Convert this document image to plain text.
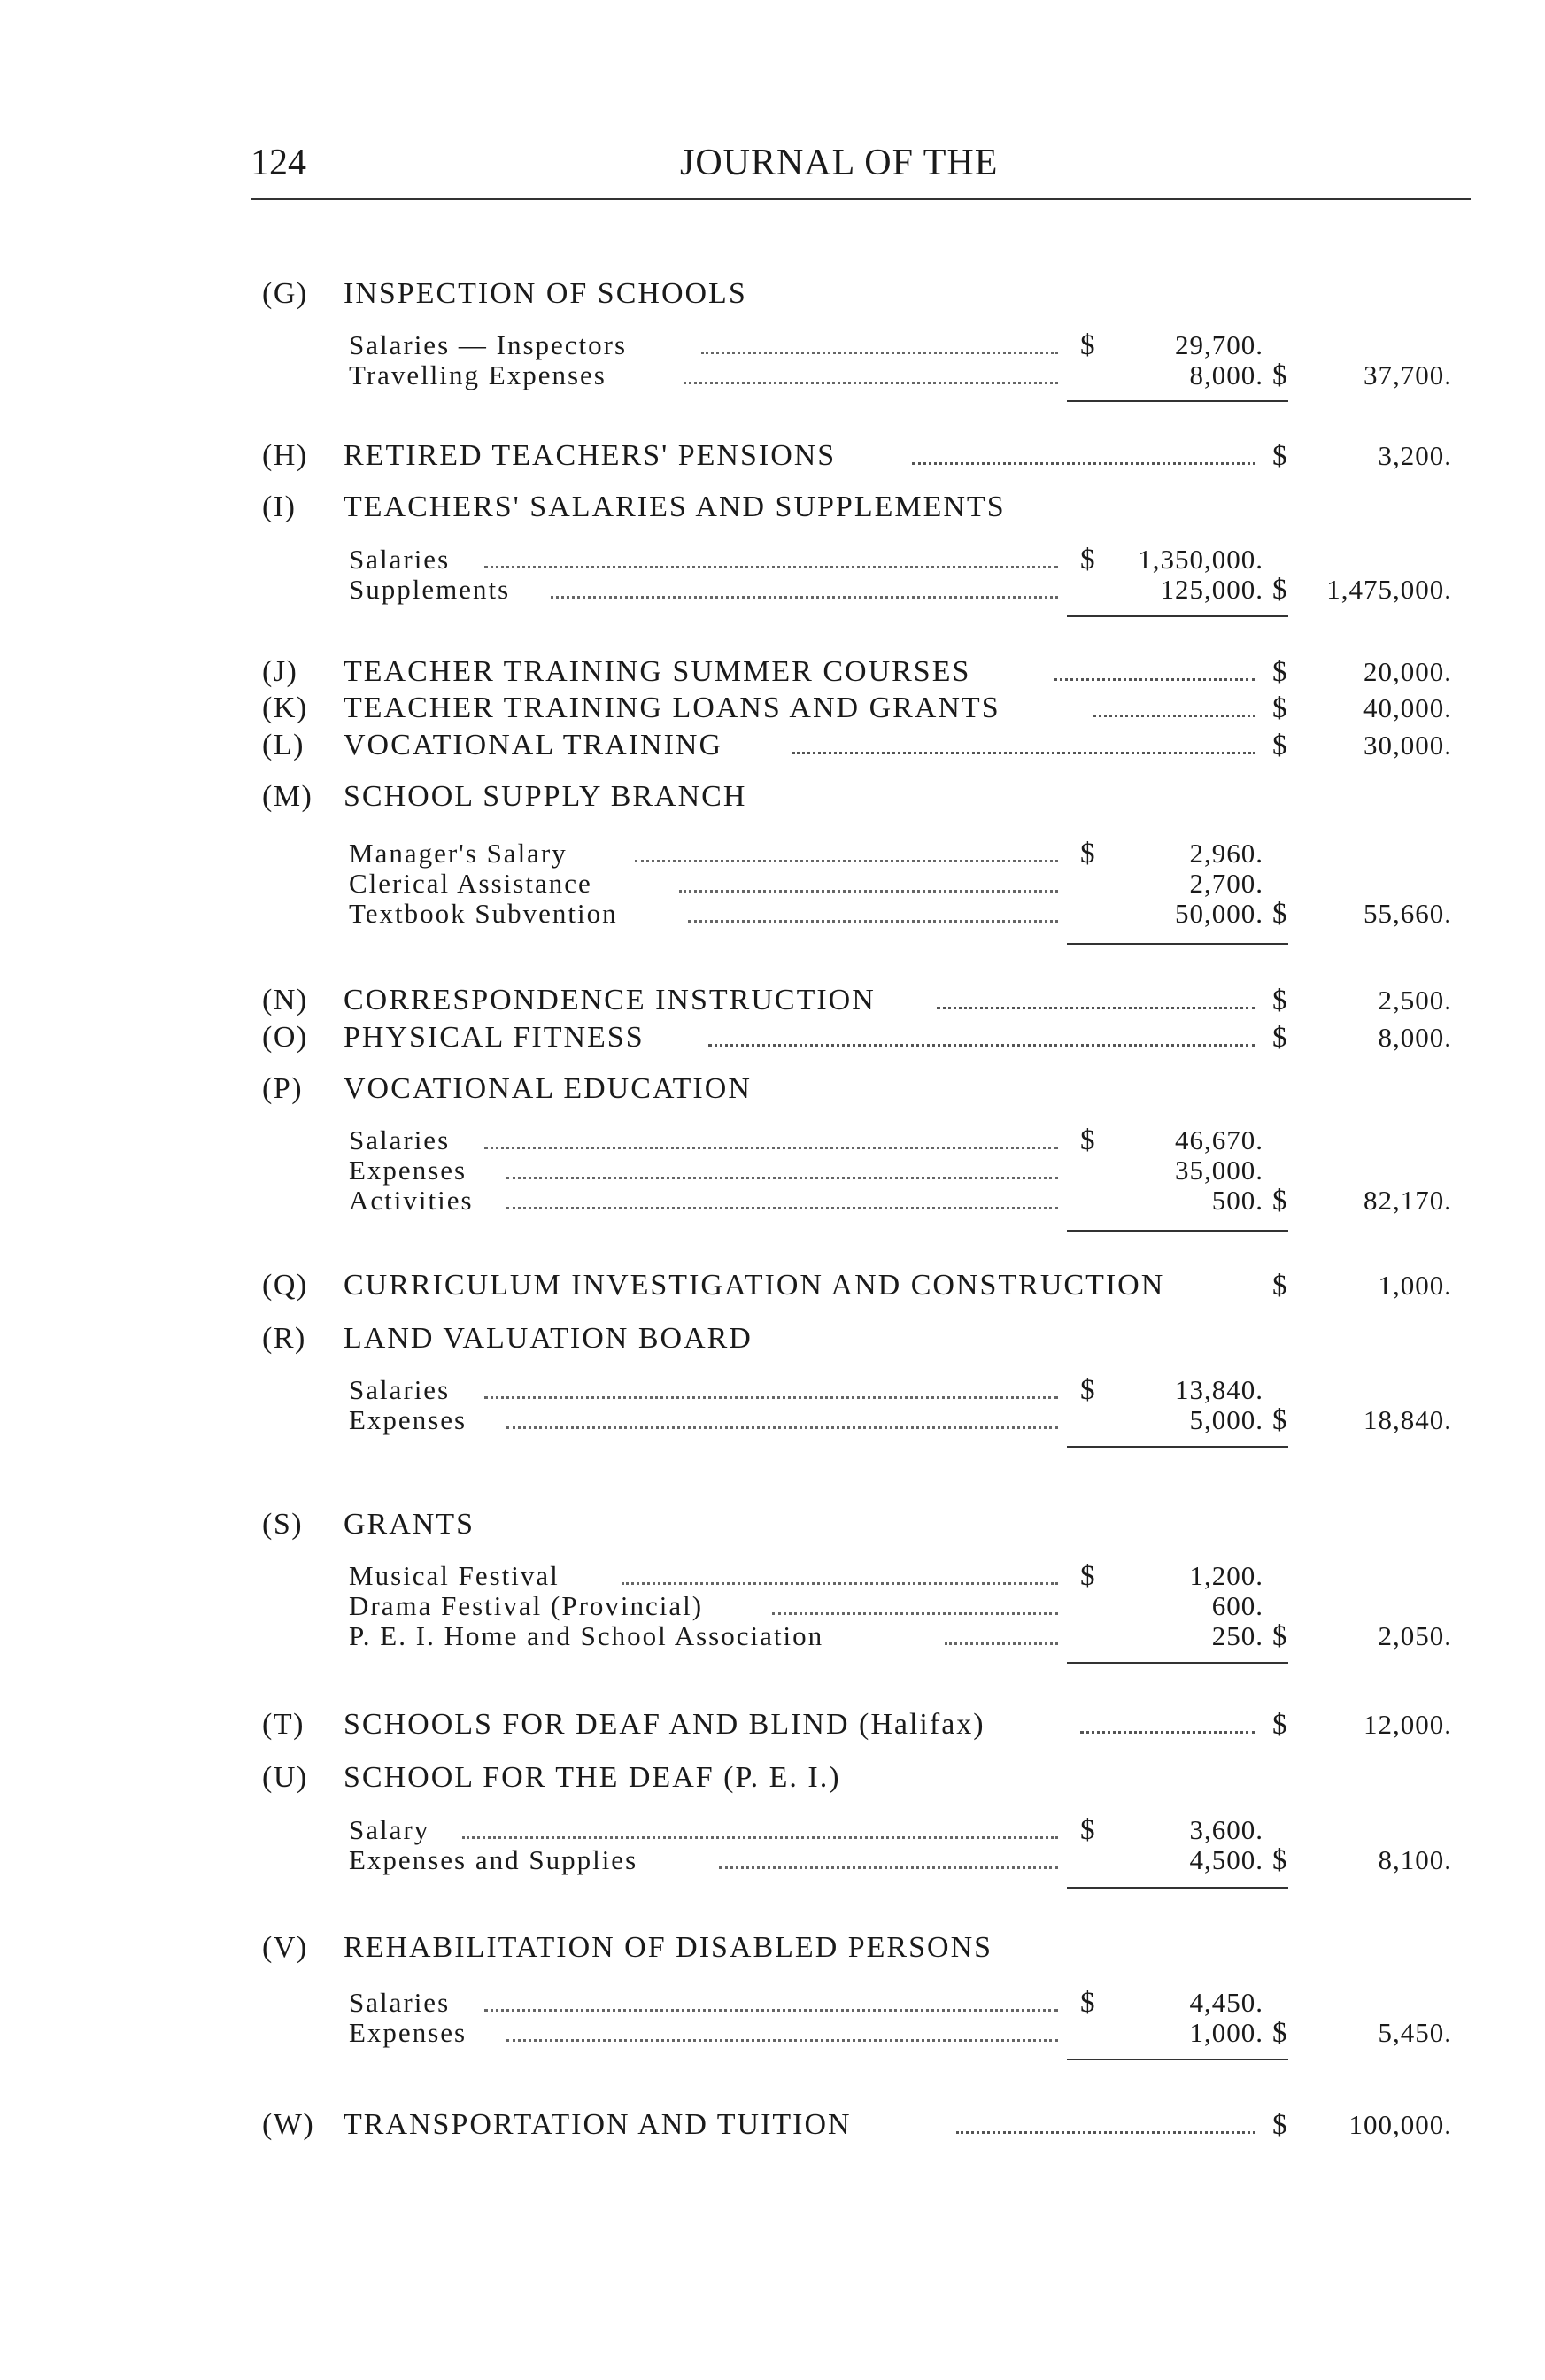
124	JOURNAL OF THE
(G) INSPECTION OF SCHOOLS
Salaries — Inspectors	$	29,700.
Travelling Expenses	8,000. $	37,700.
(H) RETIRED TEACHERS' PENSIONS	$	3,200.
(I) TEACHERS' SALARIES AND SUPPLEMENTS
Salaries	$ 1,350,000.
Supplements	125,000. $ 1,475,000.
(J) TEACHER TRAINING SUMMER COURSES	$	20,000.
(K) TEACHER TRAINING LOANS AND GRANTS	$	40,000.
(L) VOCATIONAL TRAINING	$	30,000.
(M) SCHOOL SUPPLY BRANCH
Manager's Salary	$	2,960.
Clerical Assistance	2,700.
Textbook Subvention	50,000. $	55,660.
(N) CORRESPONDENCE INSTRUCTION	$	2,500.
(O) PHYSICAL FITNESS	$	8,000.
(P) VOCATIONAL EDUCATION
Salaries	$	46,670.
Expenses	35,000.
Activities	500. $	82,170.
(Q) CURRICULUM INVESTIGATION AND CONSTRUCTION	$	1,000.
(R) LAND VALUATION BOARD
Salaries	$	13,840.
Expenses	5,000. $	18,840.
(S) GRANTS
Musical Festival	$	1,200.
Drama Festival (Provincial)	600.
P. E. I. Home and School Association	250. $	2,050.
(T) SCHOOLS FOR DEAF AND BLIND (Halifax)	$	12,000.
(U) SCHOOL FOR THE DEAF (P. E. I.)
Salary	$	3,600.
Expenses and Supplies	4,500. $	8,100.
(V) REHABILITATION OF DISABLED PERSONS
Salaries	$	4,450.
Expenses	1,000. $	5,450.
(W) TRANSPORTATION AND TUITION	$ 100,000.
